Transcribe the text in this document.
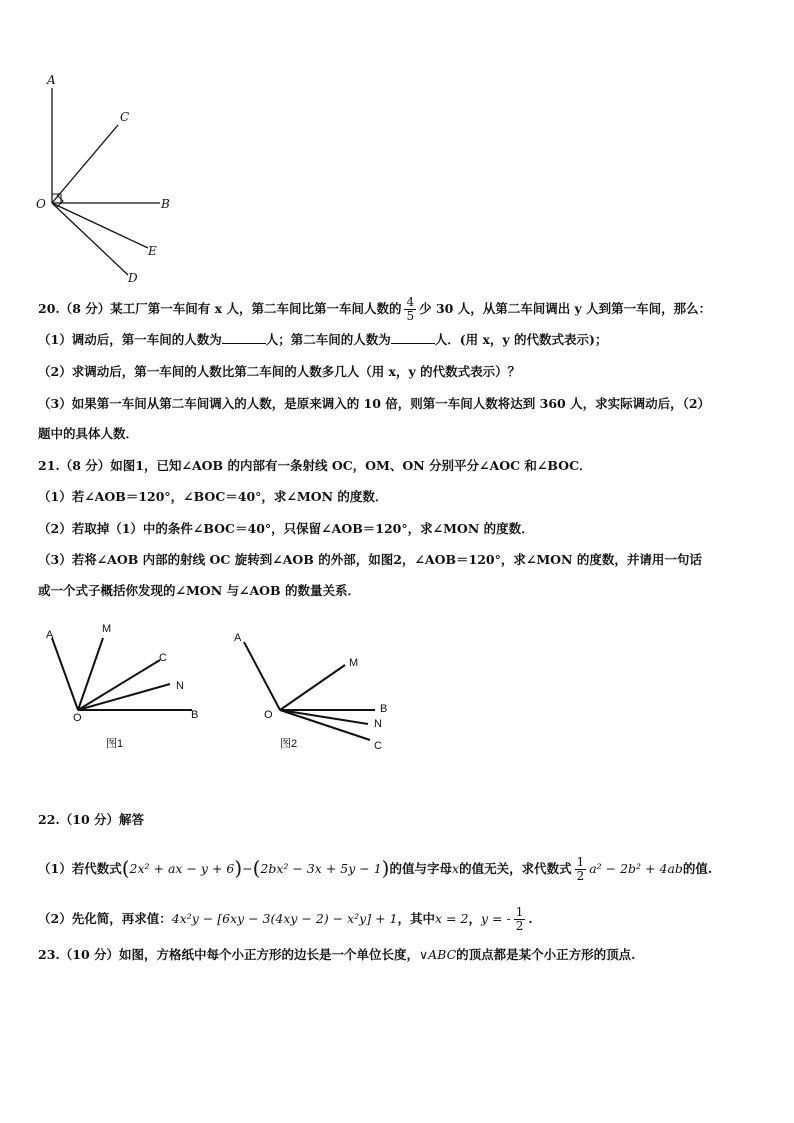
A
C
O	B
E
D
20.（8 分）某工厂第一车间有 x 人，第二车间比第一车间人数的 $\frac{4}{5}$ 少 30 人，从第二车间调出 y 人到第一车间，那么：
（1）调动后，第一车间的人数为	人；第二车间的人数为	人．(用 x，y 的代数式表示)；
（2）求调动后，第一车间的人数比第二车间的人数多几人（用 x，y 的代数式表示）？
（3）如果第一车间从第二车间调入的人数，是原来调入的 10 倍，则第一车间人数将达到 360 人，求实际调动后，（2）
题中的具体人数．
21.（8 分）如图1，已知∠AOB 的内部有一条射线 OC，OM、ON 分别平分∠AOC 和∠BOC．
（1）若∠AOB＝120°，∠BOC＝40°，求∠MON 的度数．
（2）若取掉（1）中的条件∠BOC＝40°，只保留∠AOB＝120°，求∠MON 的度数．
（3）若将∠AOB 内部的射线 OC 旋转到∠AOB 的外部，如图2，∠AOB＝120°，求∠MON 的度数，并请用一句话
或一个式子概括你发现的∠MON 与∠AOB 的数量关系．
A	M
C
N
O	B
图1
A
M
B
N
O
C
图2
22.（10 分）解答
（1）若代数式(2x² + ax − y + 6)−(2bx² − 3x + 5y − 1)的值与字母x的值无关，求代数式 $\frac{1}{2} a^2 - 2b^2 + 4ab$的值.
（2）先化简，再求值：4x²y − [6xy − 3(4xy − 2) − x²y] + 1，其中x = 2，y = - $\frac{1}{2}$ .
23.（10 分）如图，方格纸中每个小正方形的边长是一个单位长度，∨ABC的顶点都是某个小正方形的顶点.
